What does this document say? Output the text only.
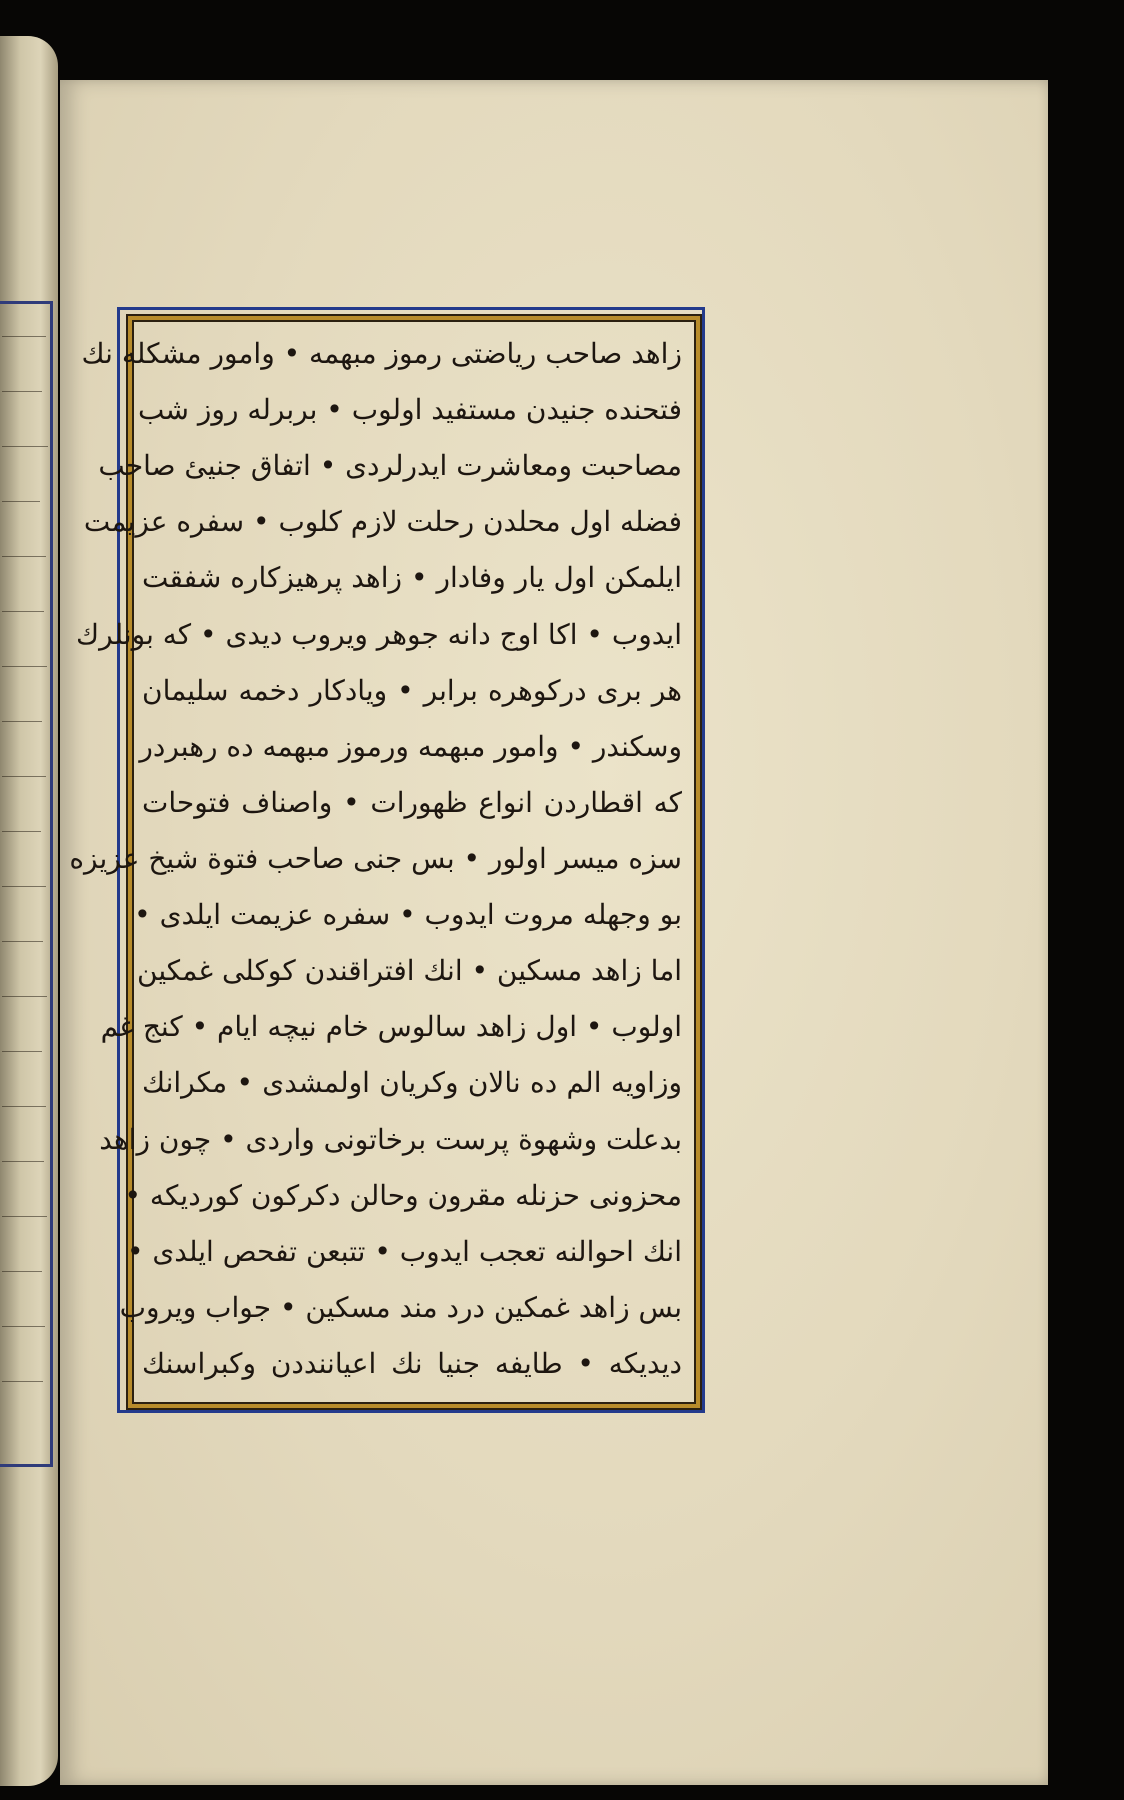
زاهد صاحب ریاضتی رموز مبهمه • وامور مشکله نك
فتحنده جنیدن مستفید اولوب • بربرله روز شب
مصاحبت ومعاشرت ایدرلردی • اتفاق جنیئ صاحب
فضله اول محلدن رحلت لازم کلوب • سفره عزیمت
ایلمکن اول یار وفادار • زاهد پرهیزکاره شفقت
ایدوب • اکا اوج دانه جوهر ویروب دیدی • که بونلرك
هر بری درکوهره برابر • ویادکار دخمه سلیمان
وسکندر • وامور مبهمه ورموز مبهمه ده رهبردر
که اقطاردن انواع ظهورات • واصناف فتوحات
سزه میسر اولور • بس جنی صاحب فتوة شیخ عزیزه
بو وجهله مروت ایدوب • سفره عزیمت ایلدی •
اما زاهد مسکین • انك افتراقندن کوکلی غمکین
اولوب • اول زاهد سالوس خام نیچه ایام • کنج غم
وزاویه الم ده نالان وکریان اولمشدی • مکرانك
بدعلت وشهوة پرست برخاتونی واردی • چون زاهد
محزونی حزنله مقرون وحالن دکرکون کوردیکه •
انك احوالنه تعجب ایدوب • تتبعن تفحص ایلدی •
بس زاهد غمکین درد مند مسکین • جواب ویروب
دیدیکه • طایفه جنیا نك اعیاننددن وکبراسنك
